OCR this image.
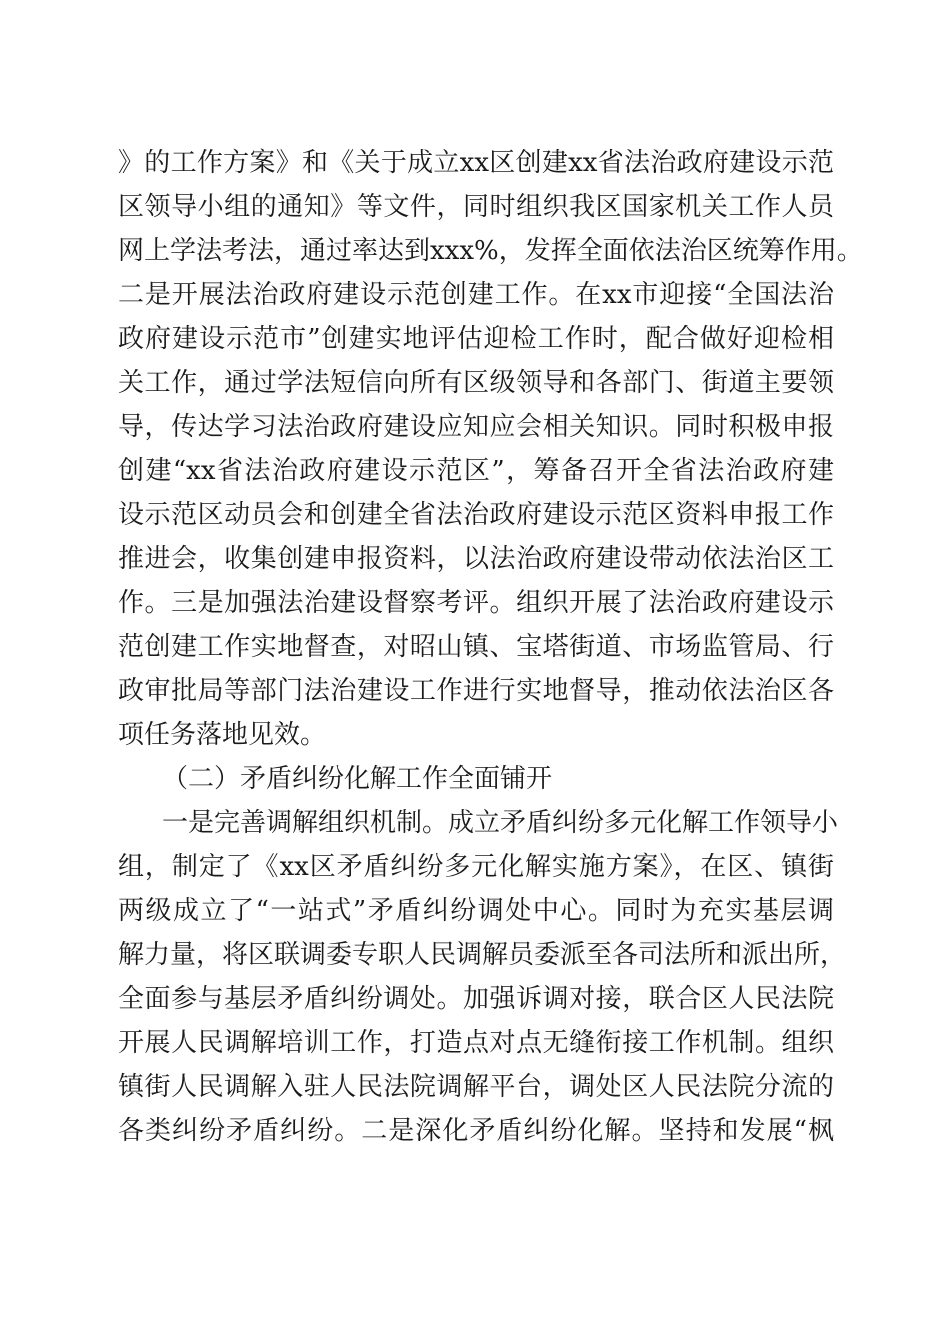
》的工作方案》和《关于成立xx区创建xx省法治政府建设示范
区领导小组的通知》等文件，同时组织我区国家机关工作人员
网上学法考法，通过率达到xxx%，发挥全面依法治区统筹作用。
二是开展法治政府建设示范创建工作。在xx市迎接“全国法治
政府建设示范市”创建实地评估迎检工作时，配合做好迎检相
关工作，通过学法短信向所有区级领导和各部门、街道主要领
导，传达学习法治政府建设应知应会相关知识。同时积极申报
创建“xx省法治政府建设示范区”，筹备召开全省法治政府建
设示范区动员会和创建全省法治政府建设示范区资料申报工作
推进会，收集创建申报资料，以法治政府建设带动依法治区工
作。三是加强法治建设督察考评。组织开展了法治政府建设示
范创建工作实地督查，对昭山镇、宝塔街道、市场监管局、行
政审批局等部门法治建设工作进行实地督导，推动依法治区各
项任务落地见效。
（二）矛盾纠纷化解工作全面铺开
一是完善调解组织机制。成立矛盾纠纷多元化解工作领导小
组，制定了《xx区矛盾纠纷多元化解实施方案》，在区、镇街
两级成立了“一站式”矛盾纠纷调处中心。同时为充实基层调
解力量，将区联调委专职人民调解员委派至各司法所和派出所，
全面参与基层矛盾纠纷调处。加强诉调对接，联合区人民法院
开展人民调解培训工作，打造点对点无缝衔接工作机制。组织
镇街人民调解入驻人民法院调解平台，调处区人民法院分流的
各类纠纷矛盾纠纷。二是深化矛盾纠纷化解。坚持和发展“枫
